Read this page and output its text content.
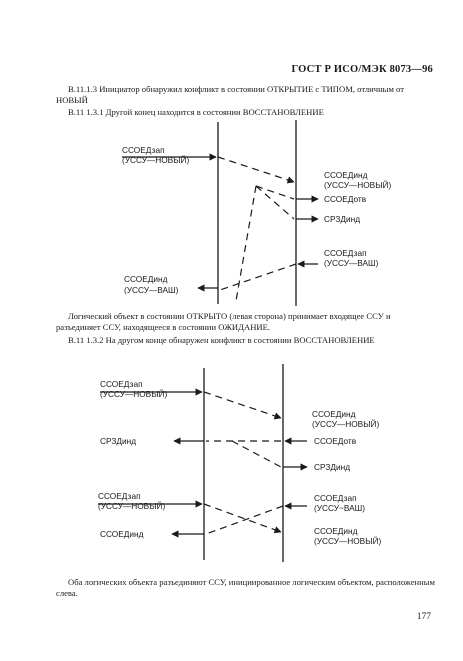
ГОСТ Р ИСО/МЭК 8073—96
В.11.1.3 Инициатор обнаружил конфликт в состоянии ОТКРЫТИЕ с ТИПОМ, отличным от НОВЫЙ
В.11 1.3.1 Другой конец находится в состоянии ВОССТАНОВЛЕНИЕ
ССОЕДзап
(УССУ—НОВЫЙ)
ССОЕДинд
(УССУ—НОВЫЙ)
ССОЕДотв
СРЗДинд
ССОЕДзап
(УССУ—ВАШ)
ССОЕДинд
(УССУ—ВАШ)
Логический объект в состоянии ОТКРЫТО (левая сторона) принимает входящее ССУ и разъединяет ССУ, находящееся в состоянии ОЖИДАНИЕ.
В.11 1.3.2 На другом конце обнаружен конфликт в состоянии ВОССТАНОВЛЕНИЕ
ССОЕДзап
(УССУ—НОВЫЙ)
ССОЕДинд
(УССУ—НОВЫЙ)
СРЗДинд	ССОЕДотв
СРЗДинд
ССОЕДзап
(УССУ—НОВЫЙ)
ССОЕДзап
(УССУ~ВАШ)
ССОЕДинд	ССОЕДинд
(УССУ—НОВЫЙ)
Оба логических объекта разъединяют ССУ, инициированное логическим объектом, расположенным слева.
177
